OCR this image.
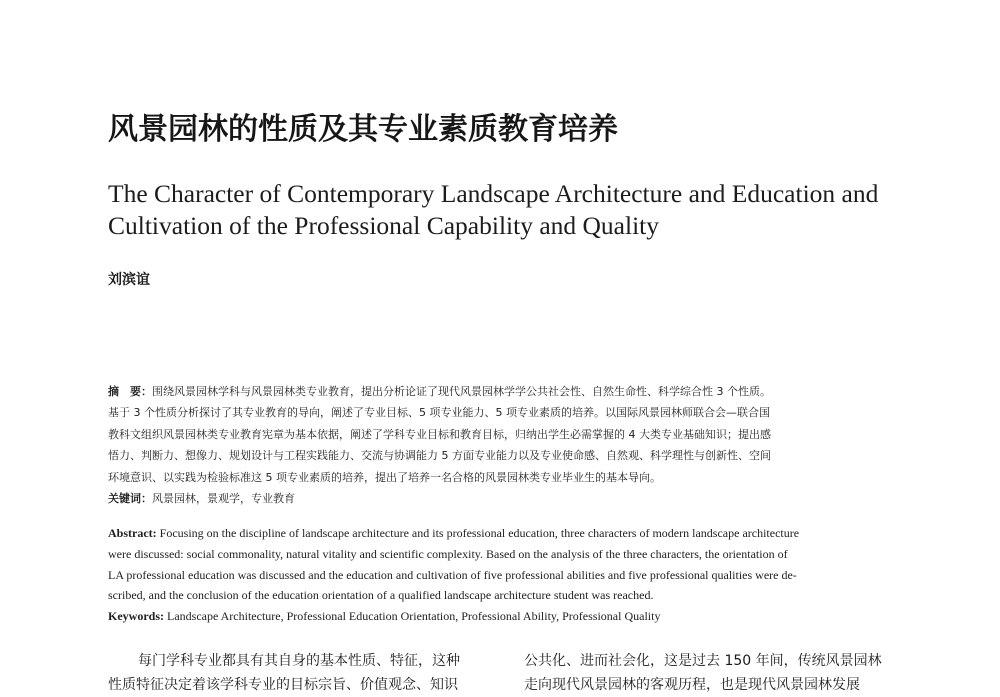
风景园林的性质及其专业素质教育培养
The Character of Contemporary Landscape Architecture and Education and
Cultivation of the Professional Capability and Quality
刘滨谊
摘　要：围绕风景园林学科与风景园林类专业教育，提出分析论证了现代风景园林学学公共社会性、自然生命性、科学综合性 3 个性质。
基于 3 个性质分析探讨了其专业教育的导向，阐述了专业目标、5 项专业能力、5 项专业素质的培养。以国际风景园林师联合会—联合国
教科文组织风景园林类专业教育宪章为基本依据，阐述了学科专业目标和教育目标，归纳出学生必需掌握的 4 大类专业基础知识；提出感
悟力、判断力、想像力、规划设计与工程实践能力、交流与协调能力 5 方面专业能力以及专业使命感、自然观、科学理性与创新性、空间
环境意识、以实践为检验标准这 5 项专业素质的培养，提出了培养一名合格的风景园林类专业毕业生的基本导向。
关键词：风景园林，景观学，专业教育
Abstract: Focusing on the discipline of landscape architecture and its professional education, three characters of modern landscape architecture
were discussed: social commonality, natural vitality and scientific complexity. Based on the analysis of the three characters, the orientation of
LA professional education was discussed and the education and cultivation of five professional abilities and five professional qualities were de-
scribed, and the conclusion of the education orientation of a qualified landscape architecture student was reached.
Keywords: Landscape Architecture, Professional Education Orientation, Professional Ability, Professional Quality
每门学科专业都具有其自身的基本性质、特征，这种
性质特征决定着该学科专业的目标宗旨、价值观念、知识
公共化、进而社会化，这是过去 150 年间，传统风景园林
走向现代风景园林的客观历程，也是现代风景园林发展
